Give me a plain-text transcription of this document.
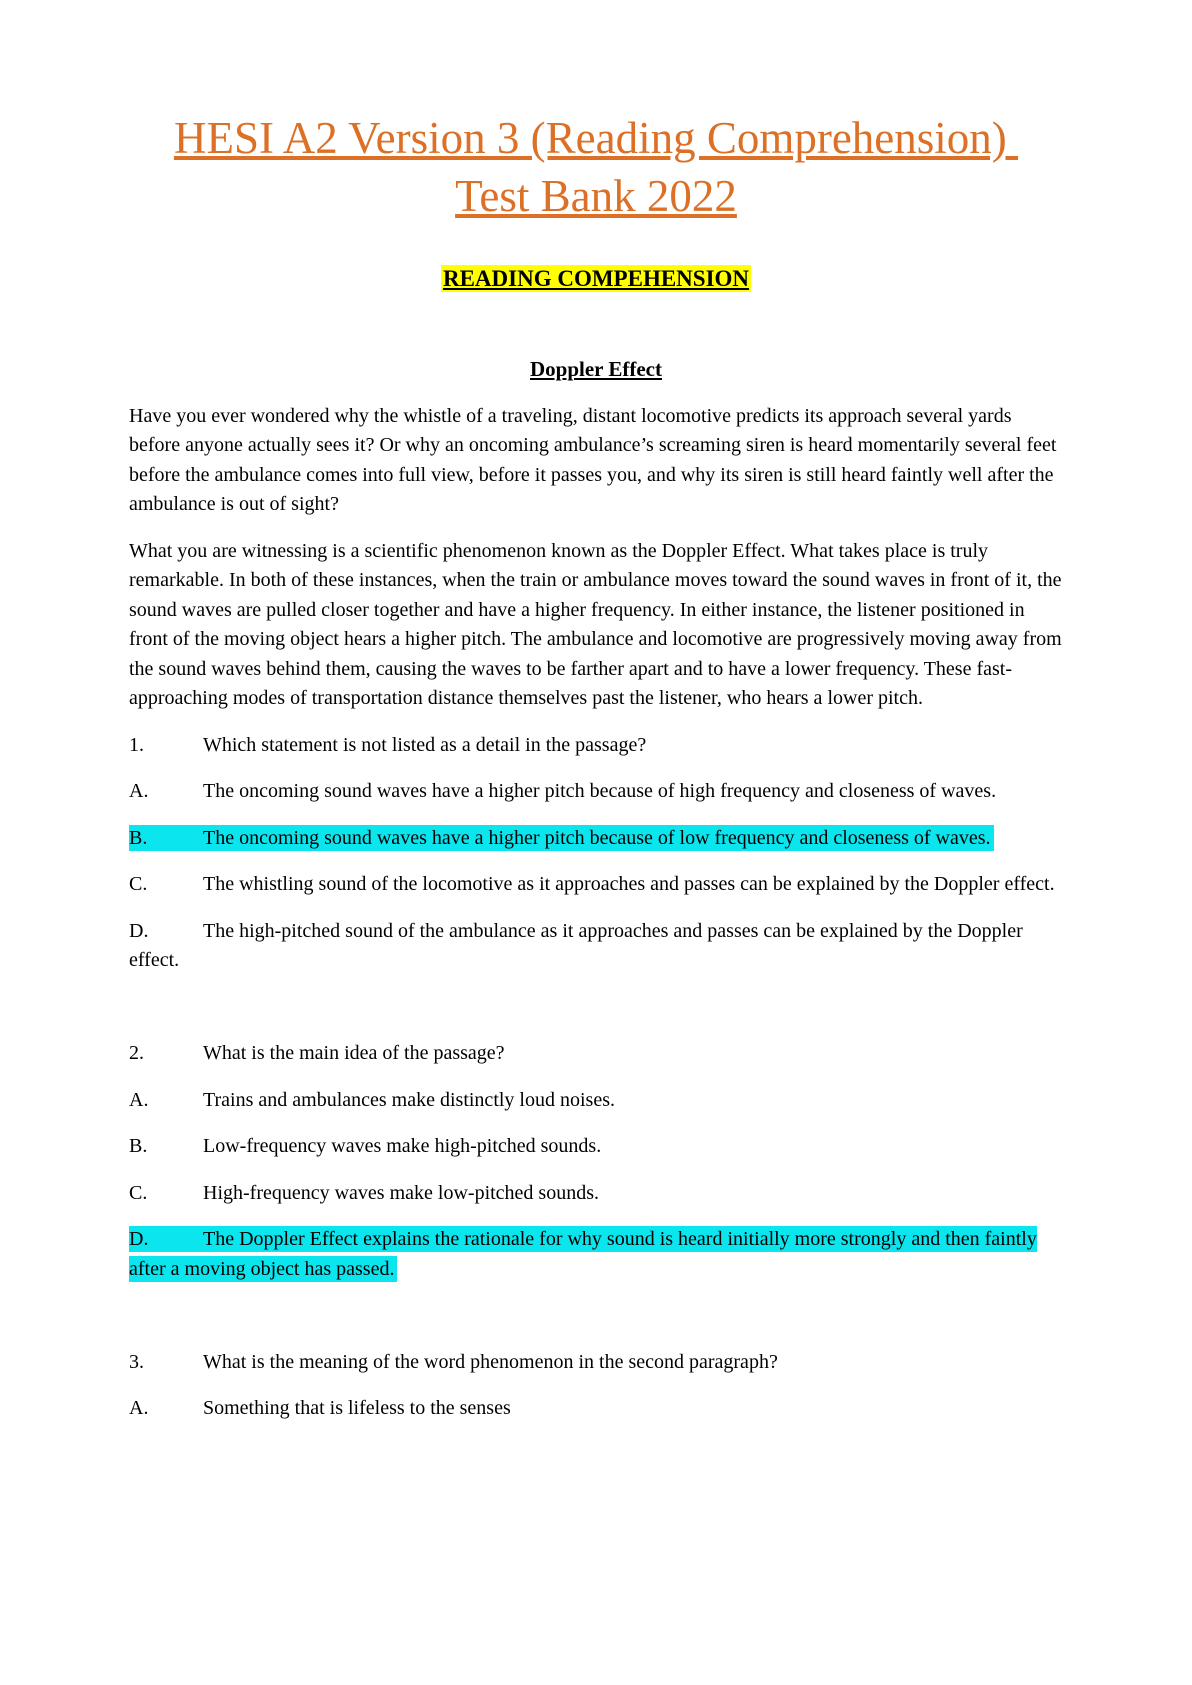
HESI A2 Version 3 (Reading Comprehension)
Test Bank 2022
READING COMPEHENSION
Doppler Effect

Have you ever wondered why the whistle of a traveling, distant locomotive predicts its approach several yards before anyone actually sees it? Or why an oncoming ambulance’s screaming siren is heard momentarily several feet before the ambulance comes into full view, before it passes you, and why its siren is still heard faintly well after the ambulance is out of sight?

What you are witnessing is a scientific phenomenon known as the Doppler Effect. What takes place is truly remarkable. In both of these instances, when the train or ambulance moves toward the sound waves in front of it, the sound waves are pulled closer together and have a higher frequency. In either instance, the listener positioned in front of the moving object hears a higher pitch. The ambulance and locomotive are progressively moving away from the sound waves behind them, causing the waves to be farther apart and to have a lower frequency. These fast-approaching modes of transportation distance themselves past the listener, who hears a lower pitch.

1.	Which statement is not listed as a detail in the passage?

A.	The oncoming sound waves have a higher pitch because of high frequency and closeness of waves.

B.	The oncoming sound waves have a higher pitch because of low frequency and closeness of waves.

C.	The whistling sound of the locomotive as it approaches and passes can be explained by the Doppler effect.

D.	The high-pitched sound of the ambulance as it approaches and passes can be explained by the Doppler effect.

2.	What is the main idea of the passage?

A.	Trains and ambulances make distinctly loud noises.

B.	Low-frequency waves make high-pitched sounds.

C.	High-frequency waves make low-pitched sounds.

D.	The Doppler Effect explains the rationale for why sound is heard initially more strongly and then faintly after a moving object has passed.

3.	What is the meaning of the word phenomenon in the second paragraph?

A.	Something that is lifeless to the senses
